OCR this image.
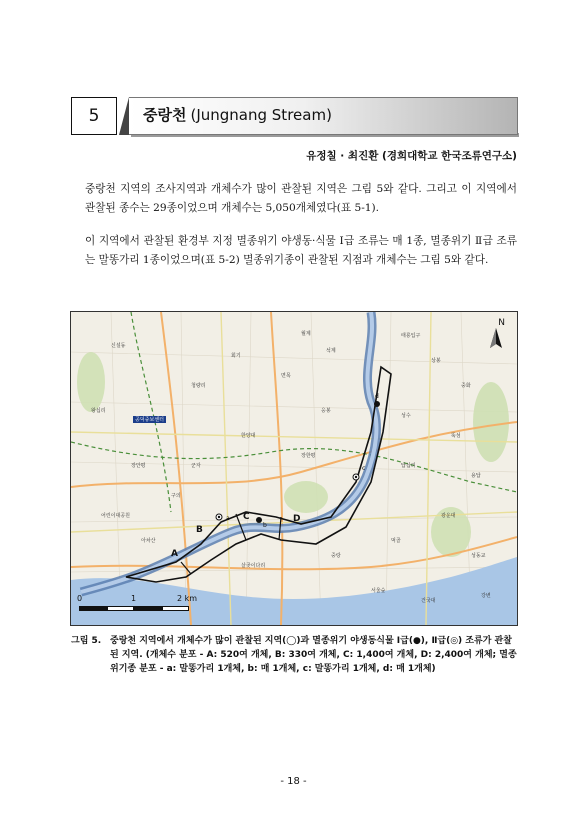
5	중랑천 (Jungnang Stream)
유정칠 · 최진환 (경희대학교 한국조류연구소)
중랑천 지역의 조사지역과 개체수가 많이 관찰된 지역은 그림 5와 같다. 그리고 이 지역에서 관찰된 종수는 29종이었으며 개체수는 5,050개체였다(표 5-1).
이 지역에서 관찰된 환경부 지정 멸종위기 야생동·식물 Ⅰ급 조류는 매 1종, 멸종위기 Ⅱ급 조류는 말똥가리 1종이었으며(표 5-2) 멸종위기종이 관찰된 지점과 개체수는 그림 5와 같다.
A
B
C	D
a
b
c
d
공덕중보센터
월계
석계
태릉입구
상봉
중화
면목
회기
청량리
신설동
왕십리	응봉
성수
뚝섬
한양대
군자
장안평
장한평
답십리
용답
중랑
먹골
광운대
성동교
살곶이다리
서울숲
건국대
어린이대공원
아차산
구의
강변
N
0	1	2 km
그림 5. 중랑천 지역에서 개체수가 많이 관찰된 지역(◯)과 멸종위기 야생동식물 Ⅰ급(●), Ⅱ급(◎) 조류가 관찰된 지역. (개체수 분포 - A: 520여 개체, B: 330여 개체, C: 1,400여 개체, D: 2,400여 개체; 멸종위기종 분포 - a: 말똥가리 1개체, b: 매 1개체, c: 말똥가리 1개체, d: 매 1개체)
- 18 -
